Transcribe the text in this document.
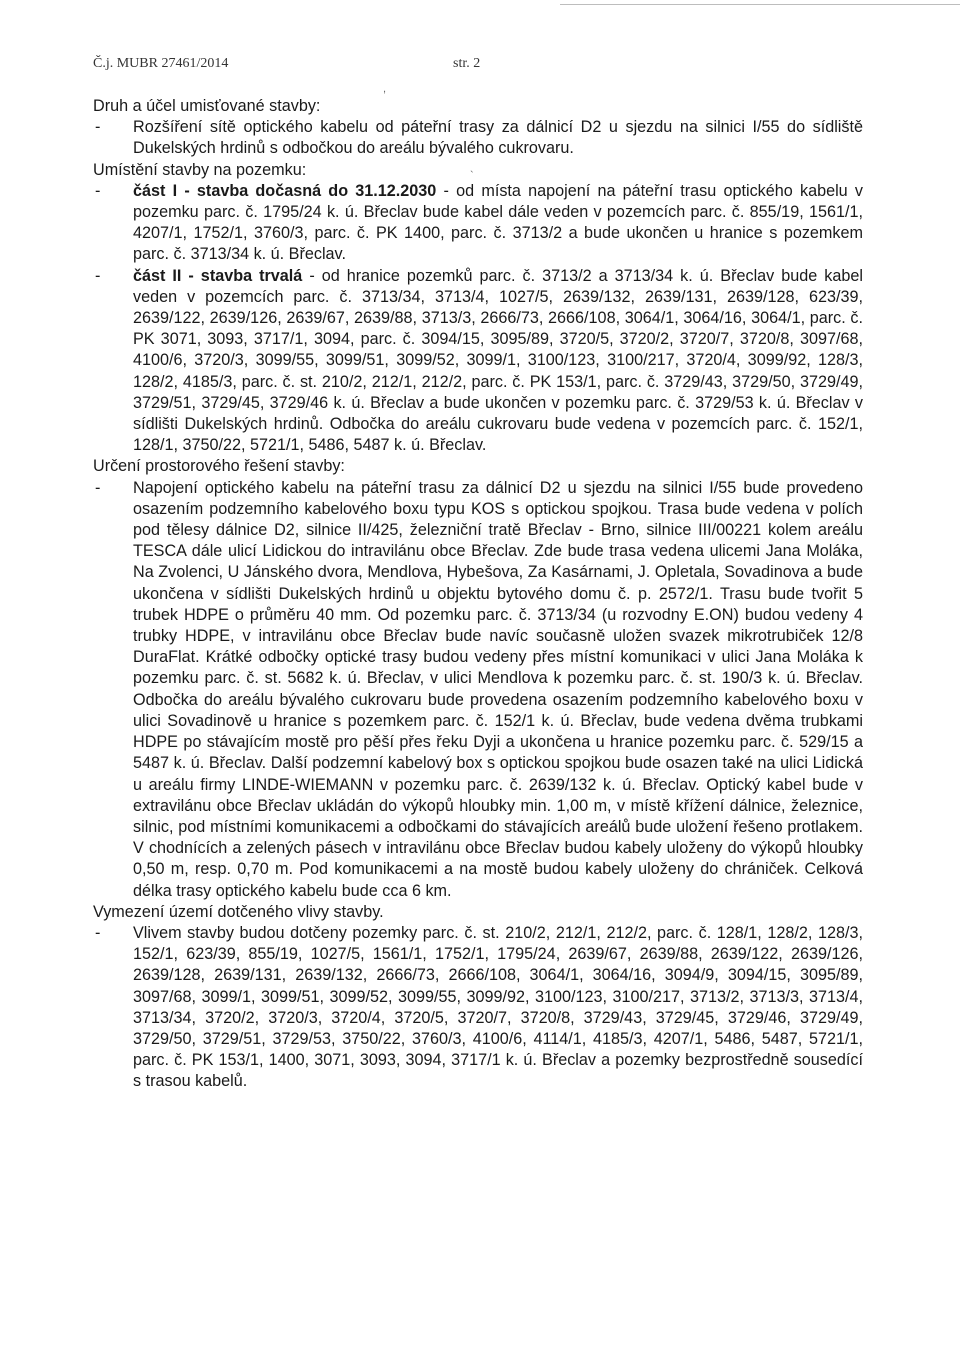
Č.j. MUBR 27461/2014	str. 2
,
`

Druh a účel umisťované stavby:

- Rozšíření sítě optického kabelu od páteřní trasy za dálnicí D2 u sjezdu na silnici I/55 do sídliště Dukelských hrdinů s odbočkou do areálu bývalého cukrovaru.

Umístění stavby na pozemku:

- část I - stavba dočasná do 31.12.2030 - od místa napojení na páteřní trasu optického kabelu v pozemku parc. č. 1795/24 k. ú. Břeclav bude kabel dále veden v pozemcích parc. č. 855/19, 1561/1, 4207/1, 1752/1, 3760/3, parc. č. PK 1400, parc. č. 3713/2 a bude ukončen u hranice s pozemkem parc. č. 3713/34 k. ú. Břeclav.

- část II - stavba trvalá - od hranice pozemků parc. č. 3713/2 a 3713/34 k. ú. Břeclav bude kabel veden v pozemcích parc. č. 3713/34, 3713/4, 1027/5, 2639/132, 2639/131, 2639/128, 623/39, 2639/122, 2639/126, 2639/67, 2639/88, 3713/3, 2666/73, 2666/108, 3064/1, 3064/16, 3064/1, parc. č. PK 3071, 3093, 3717/1, 3094, parc. č. 3094/15, 3095/89, 3720/5, 3720/2, 3720/7, 3720/8, 3097/68, 4100/6, 3720/3, 3099/55, 3099/51, 3099/52, 3099/1, 3100/123, 3100/217, 3720/4, 3099/92, 128/3, 128/2, 4185/3, parc. č. st. 210/2, 212/1, 212/2, parc. č. PK 153/1, parc. č. 3729/43, 3729/50, 3729/49, 3729/51, 3729/45, 3729/46 k. ú. Břeclav a bude ukončen v pozemku parc. č. 3729/53 k. ú. Břeclav v sídlišti Dukelských hrdinů. Odbočka do areálu cukrovaru bude vedena v pozemcích parc. č. 152/1, 128/1, 3750/22, 5721/1, 5486, 5487 k. ú. Břeclav.

Určení prostorového řešení stavby:

- Napojení optického kabelu na páteřní trasu za dálnicí D2 u sjezdu na silnici I/55 bude provedeno osazením podzemního kabelového boxu typu KOS s optickou spojkou. Trasa bude vedena v polích pod tělesy dálnice D2, silnice II/425, železniční tratě Břeclav - Brno, silnice III/00221 kolem areálu TESCA dále ulicí Lidickou do intravilánu obce Břeclav. Zde bude trasa vedena ulicemi Jana Moláka, Na Zvolenci, U Jánského dvora, Mendlova, Hybešova, Za Kasárnami, J. Opletala, Sovadinova a bude ukončena v sídlišti Dukelských hrdinů u objektu bytového domu č. p. 2572/1. Trasu bude tvořit 5 trubek HDPE o průměru 40 mm. Od pozemku parc. č. 3713/34 (u rozvodny E.ON) budou vedeny 4 trubky HDPE, v intravilánu obce Břeclav bude navíc současně uložen svazek mikrotrubiček 12/8 DuraFlat. Krátké odbočky optické trasy budou vedeny přes místní komunikaci v ulici Jana Moláka k pozemku parc. č. st. 5682 k. ú. Břeclav, v ulici Mendlova k pozemku parc. č. st. 190/3 k. ú. Břeclav. Odbočka do areálu bývalého cukrovaru bude provedena osazením podzemního kabelového boxu v ulici Sovadinově u hranice s pozemkem parc. č. 152/1 k. ú. Břeclav, bude vedena dvěma trubkami HDPE po stávajícím mostě pro pěší přes řeku Dyji a ukončena u hranice pozemku parc. č. 529/15 a 5487 k. ú. Břeclav. Další podzemní kabelový box s optickou spojkou bude osazen také na ulici Lidická u areálu firmy LINDE-WIEMANN v pozemku parc. č. 2639/132 k. ú. Břeclav. Optický kabel bude v extravilánu obce Břeclav ukládán do výkopů hloubky min. 1,00 m, v místě křížení dálnice, železnice, silnic, pod místními komunikacemi a odbočkami do stávajících areálů bude uložení řešeno protlakem. V chodnících a zelených pásech v intravilánu obce Břeclav budou kabely uloženy do výkopů hloubky 0,50 m, resp. 0,70 m. Pod komunikacemi a na mostě budou kabely uloženy do chrániček. Celková délka trasy optického kabelu bude cca 6 km.

Vymezení území dotčeného vlivy stavby.

- Vlivem stavby budou dotčeny pozemky parc. č. st. 210/2, 212/1, 212/2, parc. č. 128/1, 128/2, 128/3, 152/1, 623/39, 855/19, 1027/5, 1561/1, 1752/1, 1795/24, 2639/67, 2639/88, 2639/122, 2639/126, 2639/128, 2639/131, 2639/132, 2666/73, 2666/108, 3064/1, 3064/16, 3094/9, 3094/15, 3095/89, 3097/68, 3099/1, 3099/51, 3099/52, 3099/55, 3099/92, 3100/123, 3100/217, 3713/2, 3713/3, 3713/4, 3713/34, 3720/2, 3720/3, 3720/4, 3720/5, 3720/7, 3720/8, 3729/43, 3729/45, 3729/46, 3729/49, 3729/50, 3729/51, 3729/53, 3750/22, 3760/3, 4100/6, 4114/1, 4185/3, 4207/1, 5486, 5487, 5721/1, parc. č. PK 153/1, 1400, 3071, 3093, 3094, 3717/1 k. ú. Břeclav a pozemky bezprostředně sousedící s trasou kabelů.
